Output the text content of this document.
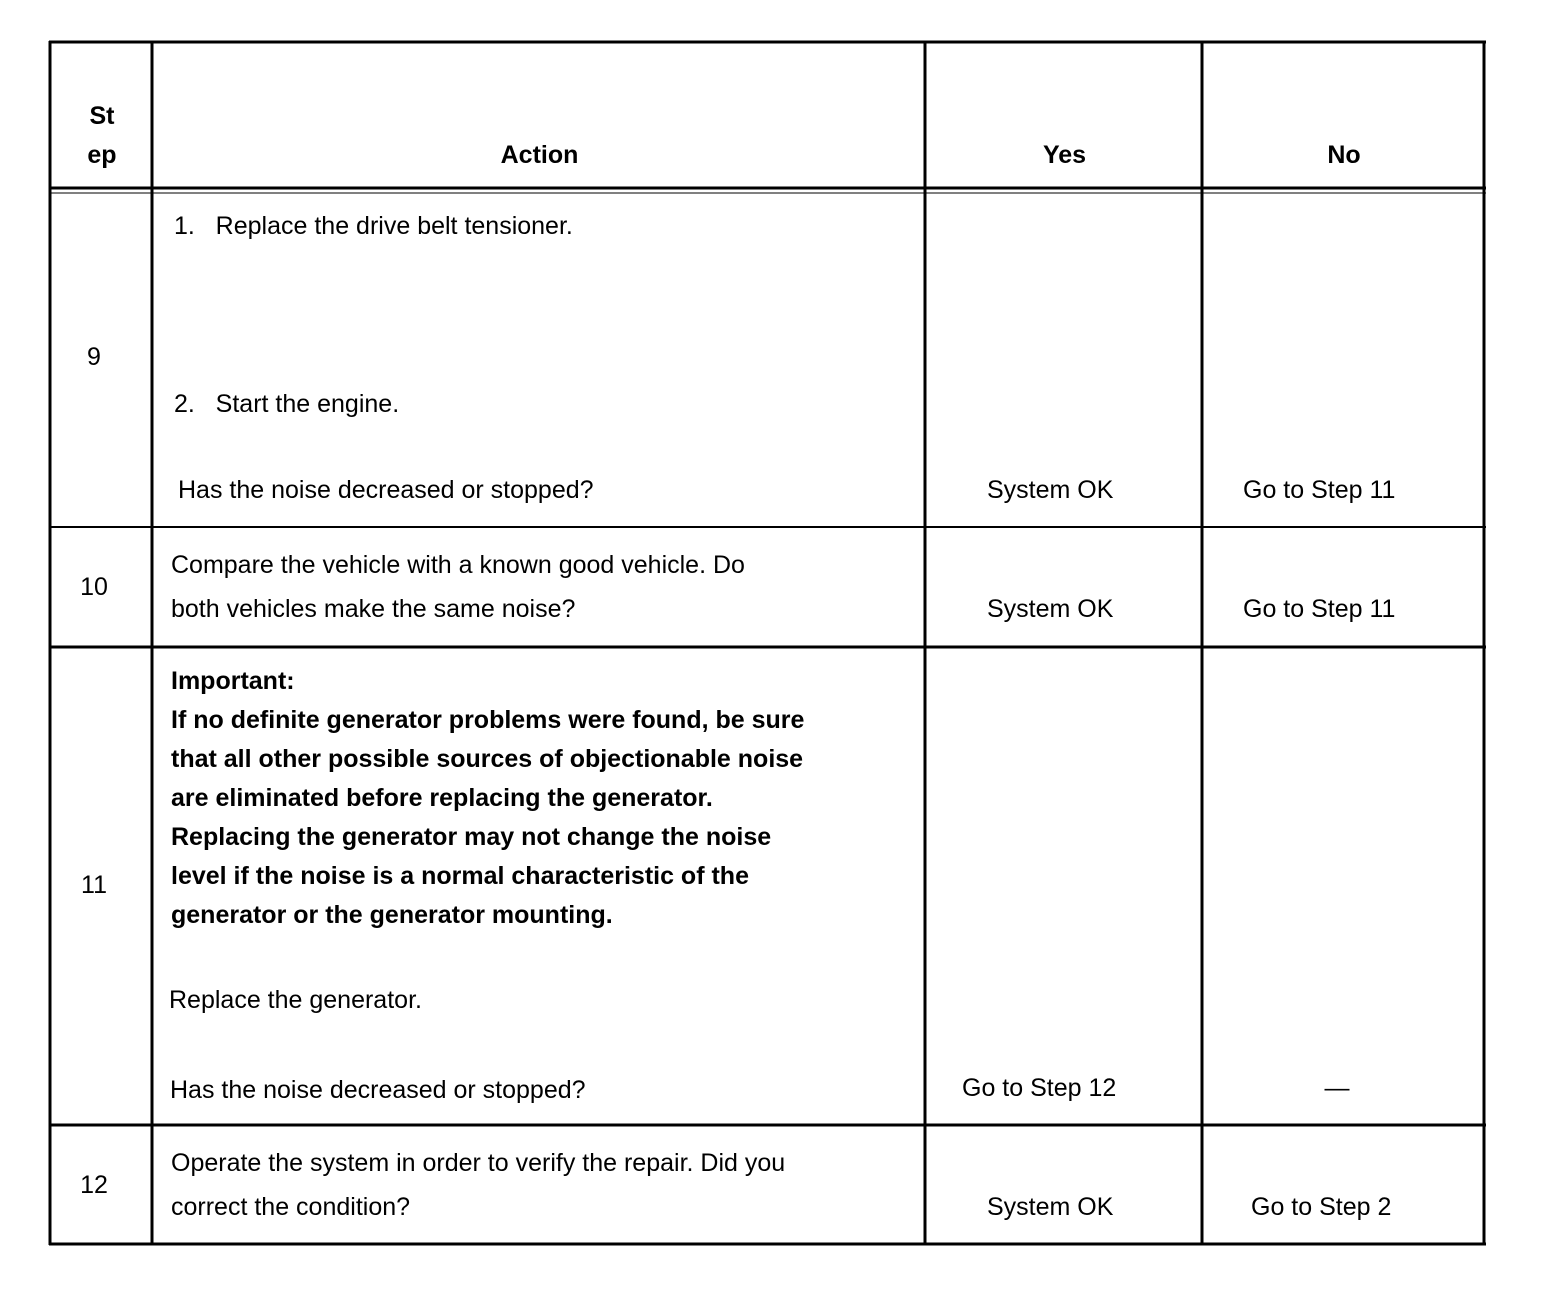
St
ep	Action	Yes	No
9
1.   Replace the drive belt tensioner.
2.   Start the engine.
Has the noise decreased or stopped?	System OK	Go to Step 11
10
Compare the vehicle with a known good vehicle. Do
both vehicles make the same noise?	System OK	Go to Step 11
11
Important:
If no definite generator problems were found, be sure
that all other possible sources of objectionable noise
are eliminated before replacing the generator.
Replacing the generator may not change the noise
level if the noise is a normal characteristic of the
generator or the generator mounting.
Replace the generator.
Has the noise decreased or stopped?	Go to Step 12	—
12
Operate the system in order to verify the repair. Did you
correct the condition?	System OK	Go to Step 2
